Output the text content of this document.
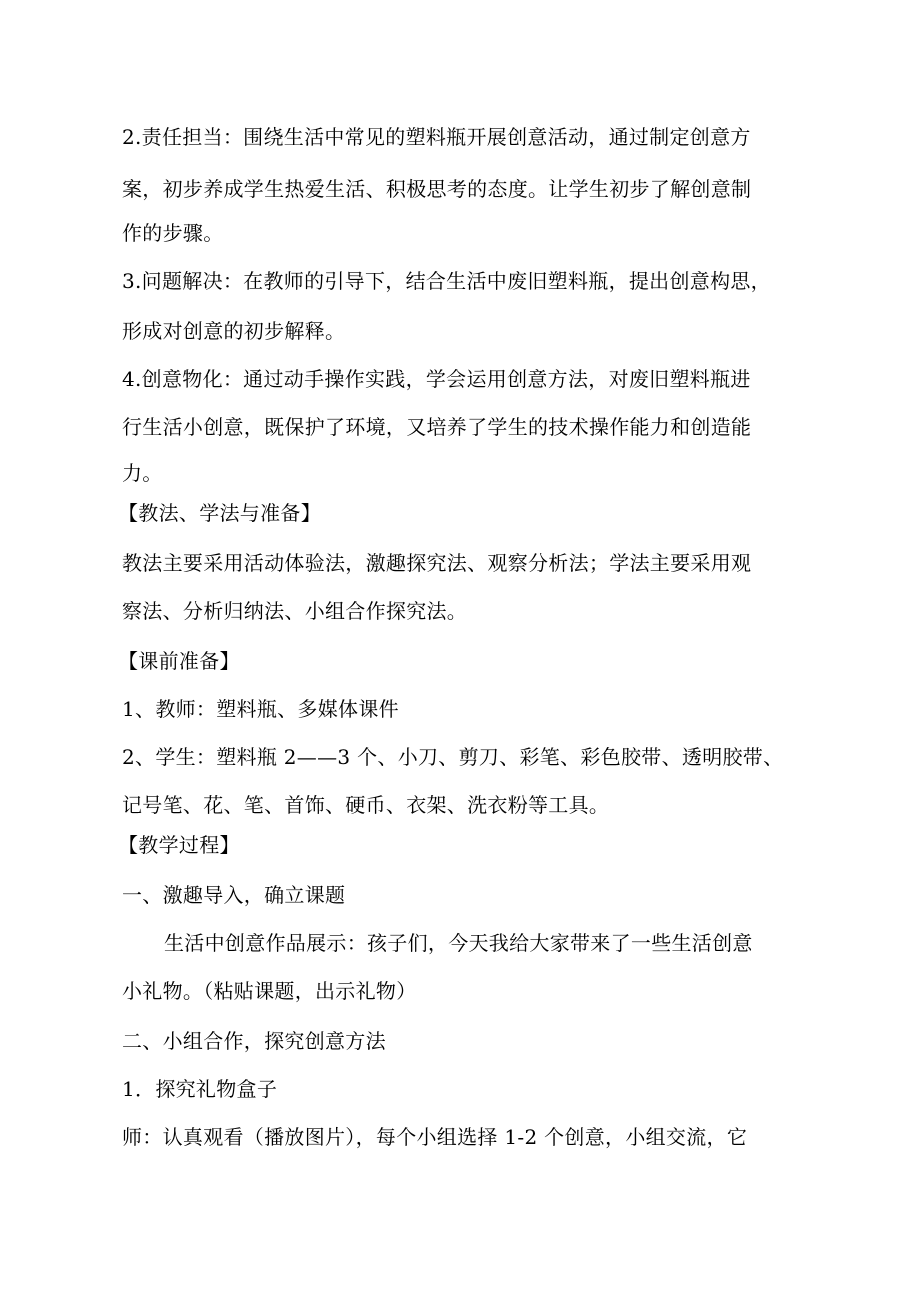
2.责任担当：围绕生活中常见的塑料瓶开展创意活动，通过制定创意方
案，初步养成学生热爱生活、积极思考的态度。让学生初步了解创意制
作的步骤。
3.问题解决：在教师的引导下，结合生活中废旧塑料瓶，提出创意构思，
形成对创意的初步解释。
4.创意物化：通过动手操作实践，学会运用创意方法，对废旧塑料瓶进
行生活小创意，既保护了环境，又培养了学生的技术操作能力和创造能
力。
【教法、学法与准备】
教法主要采用活动体验法，激趣探究法、观察分析法；学法主要采用观
察法、分析归纳法、小组合作探究法。
【课前准备】
1、教师：塑料瓶、多媒体课件
2、学生：塑料瓶 2——3 个、小刀、剪刀、彩笔、彩色胶带、透明胶带、
记号笔、花、笔、首饰、硬币、衣架、洗衣粉等工具。
【教学过程】
一、激趣导入，确立课题
生活中创意作品展示：孩子们，今天我给大家带来了一些生活创意
小礼物。（粘贴课题，出示礼物）
二、小组合作，探究创意方法
1．探究礼物盒子
师：认真观看（播放图片），每个小组选择 1-2 个创意，小组交流，它
